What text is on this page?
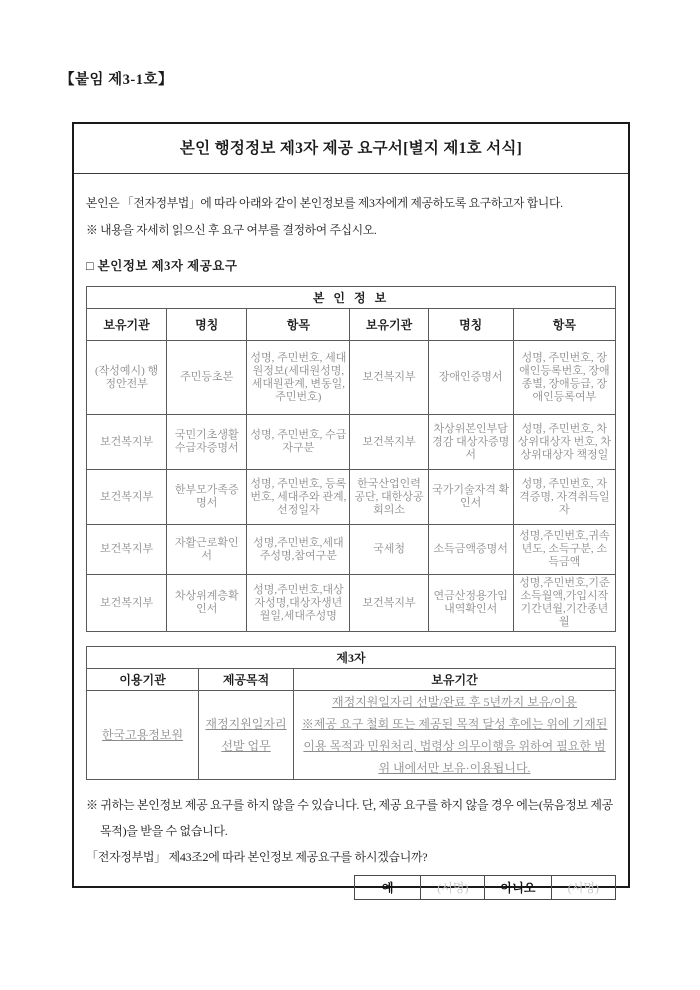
【붙임 제3-1호】
본인 행정정보 제3자 제공 요구서[별지 제1호 서식]

본인은 「전자정부법」에 따라 아래와 같이 본인정보를 제3자에게 제공하도록 요구하고자 합니다.

※ 내용을 자세히 읽으신 후 요구 여부를 결정하여 주십시오.

□ 본인정보 제3자 제공요구
본 인 정 보					
보유기관	명칭	항목	보유기관	명칭	항목
(작성예시) 행정안전부	주민등초본	성명, 주민번호, 세대원정보(세대원성명, 세대원관계, 변동일,주민번호)	보건복지부	장애인증명서	성명, 주민번호, 장애인등록번호, 장애종별, 장애등급, 장애인등록여부
보건복지부	국민기초생활 수급자증명서	성명, 주민번호, 수급자구분	보건복지부	차상위본인부담경감 대상자증명서	성명, 주민번호, 차상위대상자 번호, 차상위대상자 책정일
보건복지부	한부모가족증명서	성명, 주민번호, 등록번호, 세대주와 관계, 선정일자	한국산업인력공단, 대한상공회의소	국가기술자격 확인서	성명, 주민번호, 자격증명, 자격취득일자
보건복지부	자활근로확인서	성명,주민번호,세대주성명,참여구분	국세청	소득금액증명서	성명,주민번호,귀속년도, 소득구분, 소득금액
보건복지부	차상위계층확인서	성명,주민번호,대상자성명,대상자생년월일,세대주성명	보건복지부	연금산정용가입내역확인서	성명,주민번호,기준소득월액,가입시작기간년월,기간종년월
제3자		
이용기관	제공목적	보유기간
한국고용정보원	재정지원일자리 선발 업무	재정지원일자리 선발/완료 후 5년까지 보유/이용
※제공 요구 철회 또는 제공된 목적 달성 후에는 위에 기재된 이용 목적과 민원처리, 법령상 의무이행을 위하여 필요한 범위 내에서만 보유·이용됩니다.
※ 귀하는 본인정보 제공 요구를 하지 않을 수 있습니다. 단, 제공 요구를 하지 않을 경우 에는(묶음정보 제공 목적)을 받을 수 없습니다.
「전자정부법」 제43조2에 따라 본인정보 제공요구를 하시겠습니까?
예	(서명)	아니오	(서명)
